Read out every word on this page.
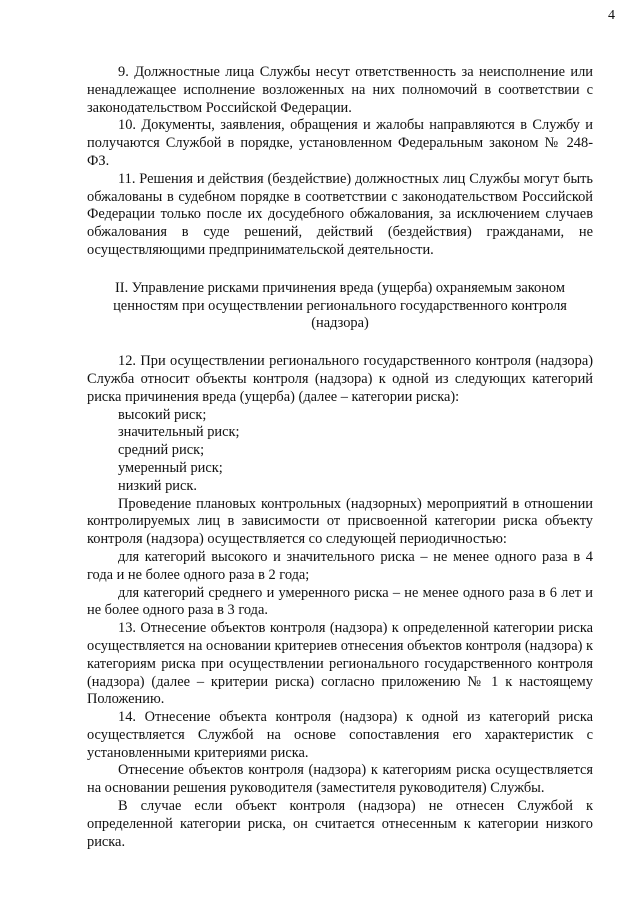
4

9. Должностные лица Службы несут ответственность за неисполнение или ненадлежащее исполнение возложенных на них полномочий в соответствии с законодательством Российской Федерации.

10. Документы, заявления, обращения и жалобы направляются в Службу и получаются Службой в порядке, установленном Федеральным законом № 248-ФЗ.

11. Решения и действия (бездействие) должностных лиц Службы могут быть обжалованы в судебном порядке в соответствии с законодательством Российской Федерации только после их досудебного обжалования, за исключением случаев обжалования в суде решений, действий (бездействия) гражданами, не осуществляющими предпринимательской деятельности.

II. Управление рисками причинения вреда (ущерба) охраняемым законом ценностям при осуществлении регионального государственного контроля (надзора)

12. При осуществлении регионального государственного контроля (надзора) Служба относит объекты контроля (надзора) к одной из следующих категорий риска причинения вреда (ущерба) (далее – категории риска):

высокий риск;
значительный риск;
средний риск;
умеренный риск;
низкий риск.

Проведение плановых контрольных (надзорных) мероприятий в отношении контролируемых лиц в зависимости от присвоенной категории риска объекту контроля (надзора) осуществляется со следующей периодичностью:

для категорий высокого и значительного риска – не менее одного раза в 4 года и не более одного раза в 2 года;

для категорий среднего и умеренного риска – не менее одного раза в 6 лет и не более одного раза в 3 года.

13. Отнесение объектов контроля (надзора) к определенной категории риска осуществляется на основании критериев отнесения объектов контроля (надзора) к категориям риска при осуществлении регионального государственного контроля (надзора) (далее – критерии риска) согласно приложению № 1 к настоящему Положению.

14. Отнесение объекта контроля (надзора) к одной из категорий риска осуществляется Службой на основе сопоставления его характеристик с установленными критериями риска.

Отнесение объектов контроля (надзора) к категориям риска осуществляется на основании решения руководителя (заместителя руководителя) Службы.

В случае если объект контроля (надзора) не отнесен Службой к определенной категории риска, он считается отнесенным к категории низкого риска.
